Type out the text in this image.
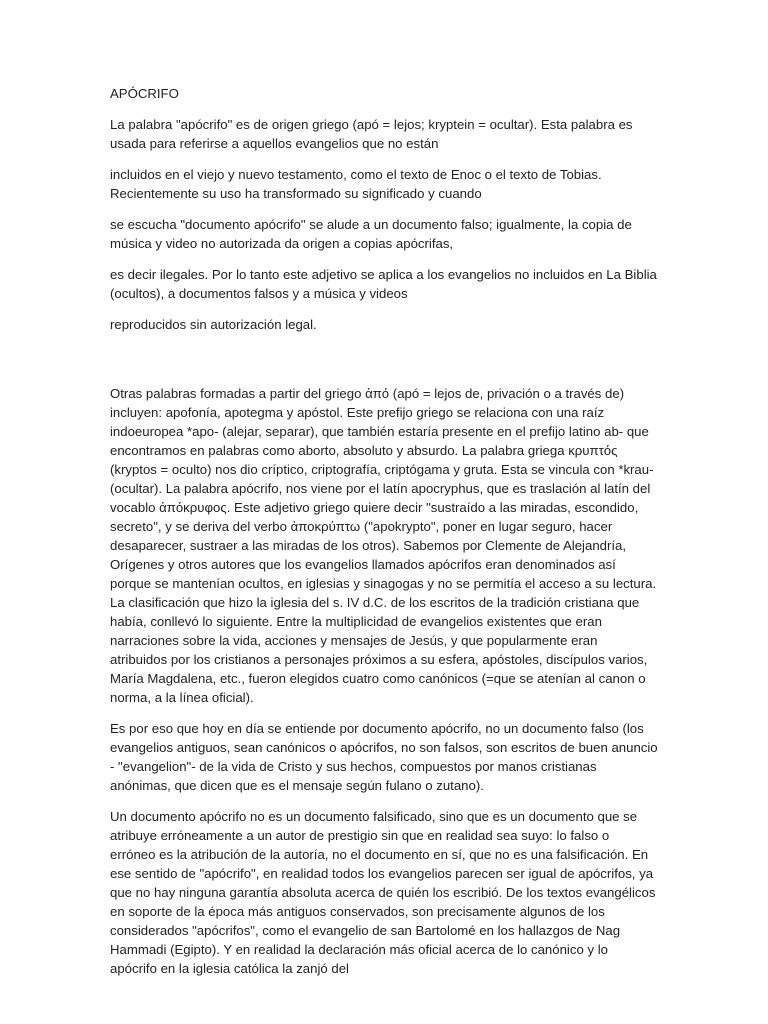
APÓCRIFO

La palabra "apócrifo" es de origen griego (apó = lejos; kryptein = ocultar). Esta palabra es usada para referirse a aquellos evangelios que no están

incluidos en el viejo y nuevo testamento, como el texto de Enoc o el texto de Tobias. Recientemente su uso ha transformado su significado y cuando

se escucha "documento apócrifo" se alude a un documento falso; igualmente, la copia de música y video no autorizada da origen a copias apócrifas,

es decir ilegales. Por lo tanto este adjetivo se aplica a los evangelios no incluidos en La Biblia (ocultos), a documentos falsos y a música y videos

reproducidos sin autorización legal.

Otras palabras formadas a partir del griego ἀπό (apó = lejos de, privación o a través de) incluyen: apofonía, apotegma y apóstol. Este prefijo griego se relaciona con una raíz indoeuropea *apo- (alejar, separar), que también estaría presente en el prefijo latino ab- que encontramos en palabras como aborto, absoluto y absurdo. La palabra griega κρυπτός (kryptos = oculto) nos dio críptico, criptografía, criptógama y gruta. Esta se vincula con *krau- (ocultar). La palabra apócrifo, nos viene por el latín apocryphus, que es traslación al latín del vocablo ἀπόκρυφος. Este adjetivo griego quiere decir "sustraído a las miradas, escondido, secreto", y se deriva del verbo ἀποκρύπτω ("apokrypto", poner en lugar seguro, hacer desaparecer, sustraer a las miradas de los otros). Sabemos por Clemente de Alejandría, Orígenes y otros autores que los evangelios llamados apócrifos eran denominados así porque se mantenían ocultos, en iglesias y sinagogas y no se permitía el acceso a su lectura. La clasificación que hizo la iglesia del s. IV d.C. de los escritos de la tradición cristiana que había, conllevó lo siguiente. Entre la multiplicidad de evangelios existentes que eran narraciones sobre la vida, acciones y mensajes de Jesús, y que popularmente eran atribuidos por los cristianos a personajes próximos a su esfera, apóstoles, discípulos varios, María Magdalena, etc., fueron elegidos cuatro como canónicos (=que se atenían al canon o norma, a la línea oficial).

Es por eso que hoy en día se entiende por documento apócrifo, no un documento falso (los evangelios antiguos, sean canónicos o apócrifos, no son falsos, son escritos de buen anuncio - "evangelion"- de la vida de Cristo y sus hechos, compuestos por manos cristianas anónimas, que dicen que es el mensaje según fulano o zutano).

Un documento apócrifo no es un documento falsificado, sino que es un documento que se atribuye erróneamente a un autor de prestigio sin que en realidad sea suyo: lo falso o erróneo es la atribución de la autoría, no el documento en sí, que no es una falsificación. En ese sentido de "apócrifo", en realidad todos los evangelios parecen ser igual de apócrifos, ya que no hay ninguna garantía absoluta acerca de quién los escribió. De los textos evangélicos en soporte de la época más antiguos conservados, son precisamente algunos de los considerados "apócrifos", como el evangelio de san Bartolomé en los hallazgos de Nag Hammadi (Egipto). Y en realidad la declaración más oficial acerca de lo canónico y lo apócrifo en la iglesia católica la zanjó del
